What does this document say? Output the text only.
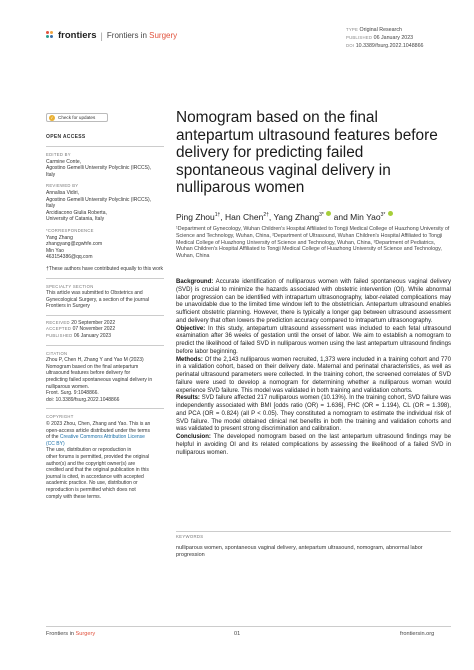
frontiers | Frontiers in Surgery
TYPE Original Research
PUBLISHED 06 January 2023
DOI 10.3389/fsurg.2022.1048866
✓ Check for updates
OPEN ACCESS
EDITED BY
Carmine Conte,
Agostino Gemelli University Polyclinic (IRCCS),
Italy
REVIEWED BY
Annalisa Vidiri,
Agostino Gemelli University Polyclinic (IRCCS),
Italy
Arcidiacono Giulia Roberta,
University of Catania, Italy
*CORRESPONDENCE
Yang Zhang
zhangyang@zgwhfe.com
Min Yao
463154386@qq.com
†These authors have contributed equally to this work
SPECIALTY SECTION
This article was submitted to Obstetrics and
Gynecological Surgery, a section of the journal
Frontiers in Surgery
RECEIVED 20 September 2022
ACCEPTED 07 November 2022
PUBLISHED 06 January 2023
CITATION
Zhou P, Chen H, Zhang Y and Yao M (2023)
Nomogram based on the final antepartum
ultrasound features before delivery for
predicting failed spontaneous vaginal delivery in
nulliparous women.
Front. Surg. 9:1048866.
doi: 10.3389/fsurg.2022.1048866
COPYRIGHT
© 2023 Zhou, Chen, Zhang and Yao. This is an
open-access article distributed under the terms
of the Creative Commons Attribution License
(CC BY)
The use, distribution or reproduction in
other forums is permitted, provided the original
author(s) and the copyright owner(s) are
credited and that the original publication in this
journal is cited, in accordance with accepted
academic practice. No use, distribution or
reproduction is permitted which does not
comply with these terms.
Nomogram based on the final antepartum ultrasound features before delivery for predicting failed spontaneous vaginal delivery in nulliparous women
Ping Zhou$^{1\dagger}$, Han Chen$^{2\dagger}$, Yang Zhang$^{3*}$ and Min Yao$^{3*}$
¹Department of Gynecology, Wuhan Children's Hospital Affiliated to Tongji Medical College of Huazhong University of Science and Technology, Wuhan, China, ²Department of Ultrasound, Wuhan Children's Hospital Affiliated to Tongji Medical College of Huazhong University of Science and Technology, Wuhan, China, ³Department of Pediatrics, Wuhan Children's Hospital Affiliated to Tongji Medical College of Huazhong University of Science and Technology, Wuhan, China
Background: Accurate identification of nulliparous women with failed spontaneous vaginal delivery (SVD) is crucial to minimize the hazards associated with obstetric intervention (OI). While abnormal labor progression can be identified with intrapartum ultrasonography, labor-related complications may be unavoidable due to the limited time window left to the obstetrician. Antepartum ultrasound enables sufficient obstetric planning. However, there is typically a longer gap between ultrasound assessment and delivery that often lowers the prediction accuracy compared to intrapartum ultrasonography.
Objective: In this study, antepartum ultrasound assessment was included to each fetal ultrasound examination after 36 weeks of gestation until the onset of labor. We aim to establish a nomogram to predict the likelihood of failed SVD in nulliparous women using the last antepartum ultrasound findings before labor beginning.
Methods: Of the 2,143 nulliparous women recruited, 1,373 were included in a training cohort and 770 in a validation cohort, based on their delivery date. Maternal and perinatal characteristics, as well as perinatal ultrasound parameters were collected. In the training cohort, the screened correlates of SVD failure were used to develop a nomogram for determining whether a nulliparous woman would experience SVD failure. This model was validated in both training and validation cohorts.
Results: SVD failure affected 217 nulliparous women (10.13%). In the training cohort, SVD failure was independently associated with BMI [odds ratio (OR) = 1.636], FHC (OR = 1.194), CL (OR = 1.398), and PCA (OR = 0.824) (all P < 0.05). They constituted a nomogram to estimate the individual risk of SVD failure. The model obtained clinical net benefits in both the training and validation cohorts and was validated to present strong discrimination and calibration.
Conclusion: The developed nomogram based on the last antepartum ultrasound findings may be helpful in avoiding OI and its related complications by assessing the likelihood of a failed SVD in nulliparous women.
KEYWORDS
nulliparous women, spontaneous vaginal delivery, antepartum ultrasound, nomogram, abnormal labor progression
Frontiers in Surgery	01	frontiersin.org
